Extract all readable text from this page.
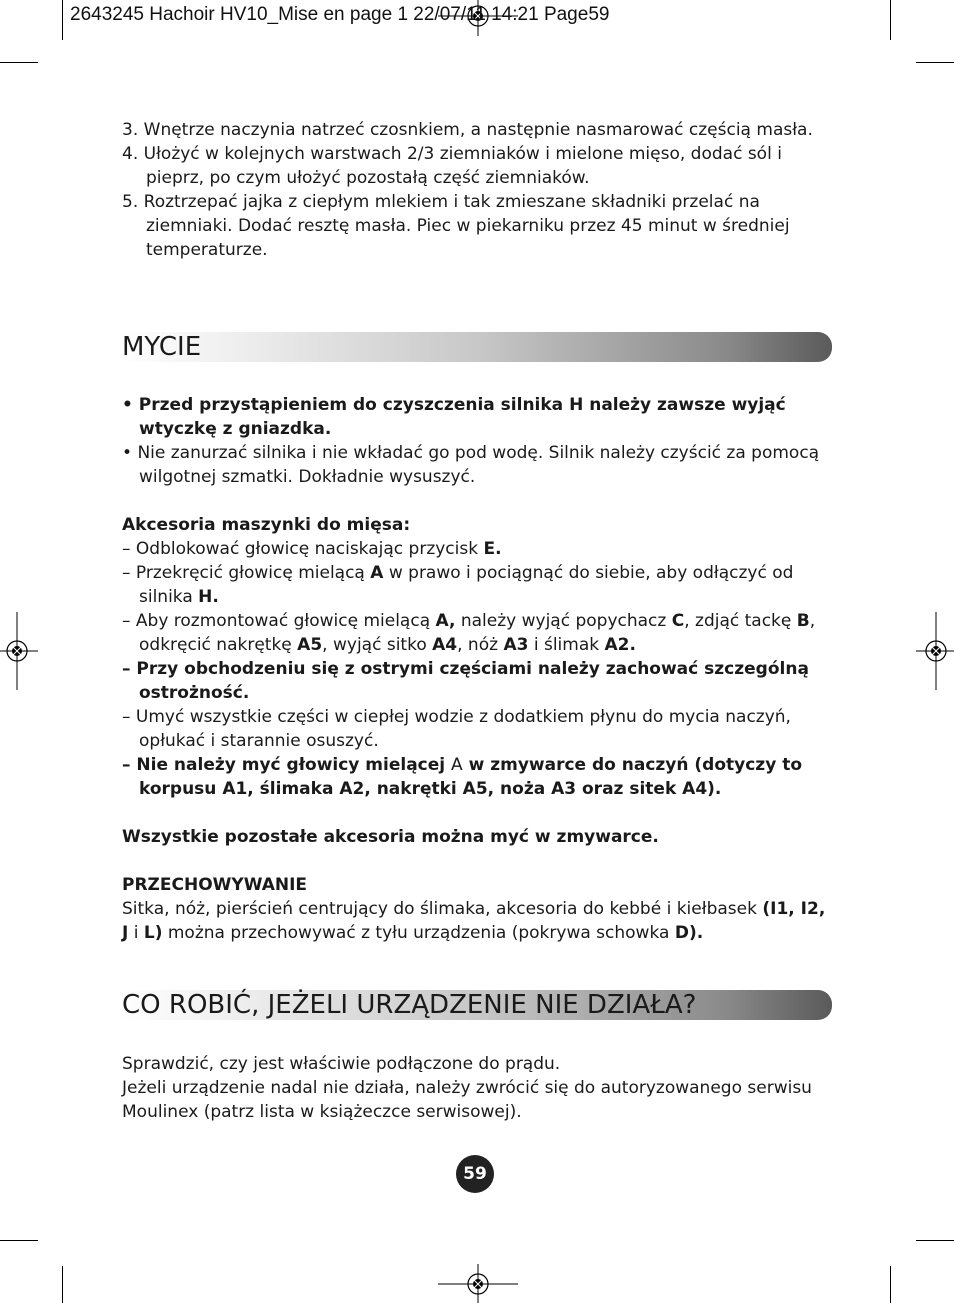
2643245 Hachoir HV10_Mise en page 1 22/07/11 14:21 Page59

3. Wnętrze naczynia natrzeć czosnkiem, a następnie nasmarować częścią masła.

4. Ułożyć w kolejnych warstwach 2/3 ziemniaków i mielone mięso, dodać sól i pieprz, po czym ułożyć pozostałą część ziemniaków.

5. Roztrzepać jajka z ciepłym mlekiem i tak zmieszane składniki przelać na ziemniaki. Dodać resztę masła. Piec w piekarniku przez 45 minut w średniej temperaturze.

MYCIE

• Przed przystąpieniem do czyszczenia silnika H należy zawsze wyjąć wtyczkę z gniazdka.

• Nie zanurzać silnika i nie wkładać go pod wodę. Silnik należy czyścić za pomocą wilgotnej szmatki. Dokładnie wysuszyć.

Akcesoria maszynki do mięsa:

– Odblokować głowicę naciskając przycisk E.

– Przekręcić głowicę mielącą A w prawo i pociągnąć do siebie, aby odłączyć od silnika H.

– Aby rozmontować głowicę mielącą A, należy wyjąć popychacz C, zdjąć tackę B, odkręcić nakrętkę A5, wyjąć sitko A4, nóż A3 i ślimak A2.

– Przy obchodzeniu się z ostrymi częściami należy zachować szczególną ostrożność.

– Umyć wszystkie części w ciepłej wodzie z dodatkiem płynu do mycia naczyń, opłukać i starannie osuszyć.

– Nie należy myć głowicy mielącej A w zmywarce do naczyń (dotyczy to korpusu A1, ślimaka A2, nakrętki A5, noża A3 oraz sitek A4).

Wszystkie pozostałe akcesoria można myć w zmywarce.

PRZECHOWYWANIE

Sitka, nóż, pierścień centrujący do ślimaka, akcesoria do kebbé i kiełbasek (I1, I2, J i L) można przechowywać z tyłu urządzenia (pokrywa schowka D).

CO ROBIĆ, JEŻELI URZĄDZENIE NIE DZIAŁA?

Sprawdzić, czy jest właściwie podłączone do prądu.

Jeżeli urządzenie nadal nie działa, należy zwrócić się do autoryzowanego serwisu Moulinex (patrz lista w książeczce serwisowej).

59
